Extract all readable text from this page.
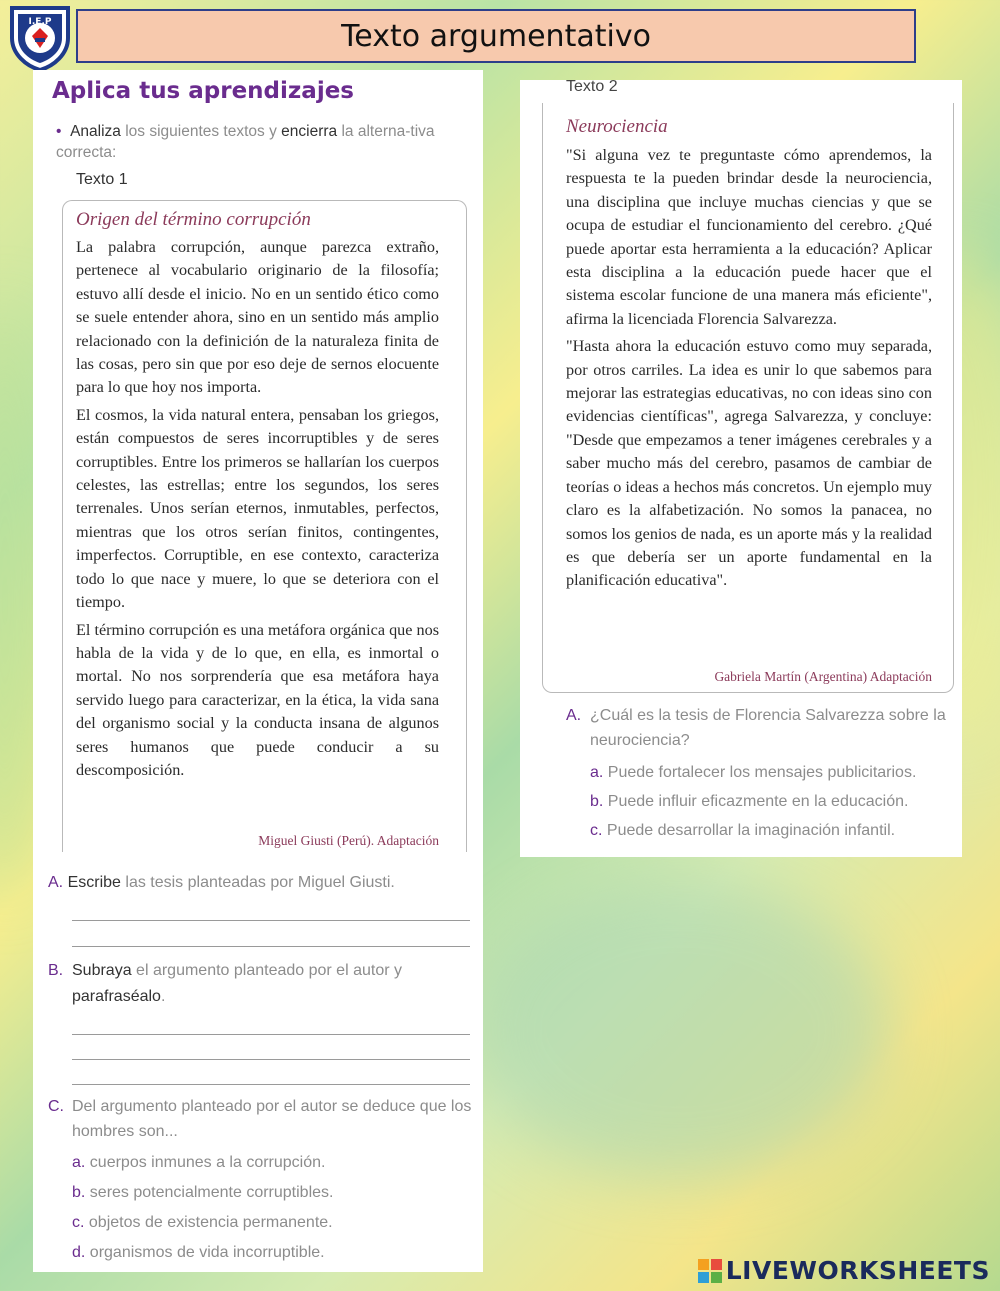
I.E.P	Texto argumentativo
Aplica tus aprendizajes
• Analiza los siguientes textos y encierra la alterna-tiva correcta:
Texto 1
Origen del término corrupción

La palabra corrupción, aunque parezca extraño, pertenece al vocabulario originario de la filosofía; estuvo allí desde el inicio. No en un sentido ético como se suele entender ahora, sino en un sentido más amplio relacionado con la definición de la naturaleza finita de las cosas, pero sin que por eso deje de sernos elocuente para lo que hoy nos importa.

El cosmos, la vida natural entera, pensaban los griegos, están compuestos de seres incorruptibles y de seres corruptibles. Entre los primeros se hallarían los cuerpos celestes, las estrellas; entre los segundos, los seres terrenales. Unos serían eternos, inmutables, perfectos, mientras que los otros serían finitos, contingentes, imperfectos. Corruptible, en ese contexto, caracteriza todo lo que nace y muere, lo que se deteriora con el tiempo.

El término corrupción es una metáfora orgánica que nos habla de la vida y de lo que, en ella, es inmortal o mortal. No nos sorprendería que esa metáfora haya servido luego para caracterizar, en la ética, la vida sana del organismo social y la conducta insana de algunos seres humanos que puede conducir a su descomposición.

Miguel Giusti (Perú). Adaptación
Texto 2
Neurociencia

"Si alguna vez te preguntaste cómo aprendemos, la respuesta te la pueden brindar desde la neurociencia, una disciplina que incluye muchas ciencias y que se ocupa de estudiar el funcionamiento del cerebro. ¿Qué puede aportar esta herramienta a la educación? Aplicar esta disciplina a la educación puede hacer que el sistema escolar funcione de una manera más eficiente", afirma la licenciada Florencia Salvarezza.

"Hasta ahora la educación estuvo como muy separada, por otros carriles. La idea es unir lo que sabemos para mejorar las estrategias educativas, no con ideas sino con evidencias científicas", agrega Salvarezza, y concluye: "Desde que empezamos a tener imágenes cerebrales y a saber mucho más del cerebro, pasamos de cambiar de teorías o ideas a hechos más concretos. Un ejemplo muy claro es la alfabetización. No somos la panacea, no somos los genios de nada, es un aporte más y la realidad es que debería ser un aporte fundamental en la planificación educativa".

Gabriela Martín (Argentina) Adaptación
A. ¿Cuál es la tesis de Florencia Salvarezza sobre la neurociencia?
a. Puede fortalecer los mensajes publicitarios.
b. Puede influir eficazmente en la educación.
c. Puede desarrollar la imaginación infantil.
A. Escribe las tesis planteadas por Miguel Giusti.
B. Subraya el argumento planteado por el autor y parafraséalo.
C. Del argumento planteado por el autor se deduce que los hombres son...
a. cuerpos inmunes a la corrupción.
b. seres potencialmente corruptibles.
c. objetos de existencia permanente.
d. organismos de vida incorruptible.
LIVEWORKSHEETS
